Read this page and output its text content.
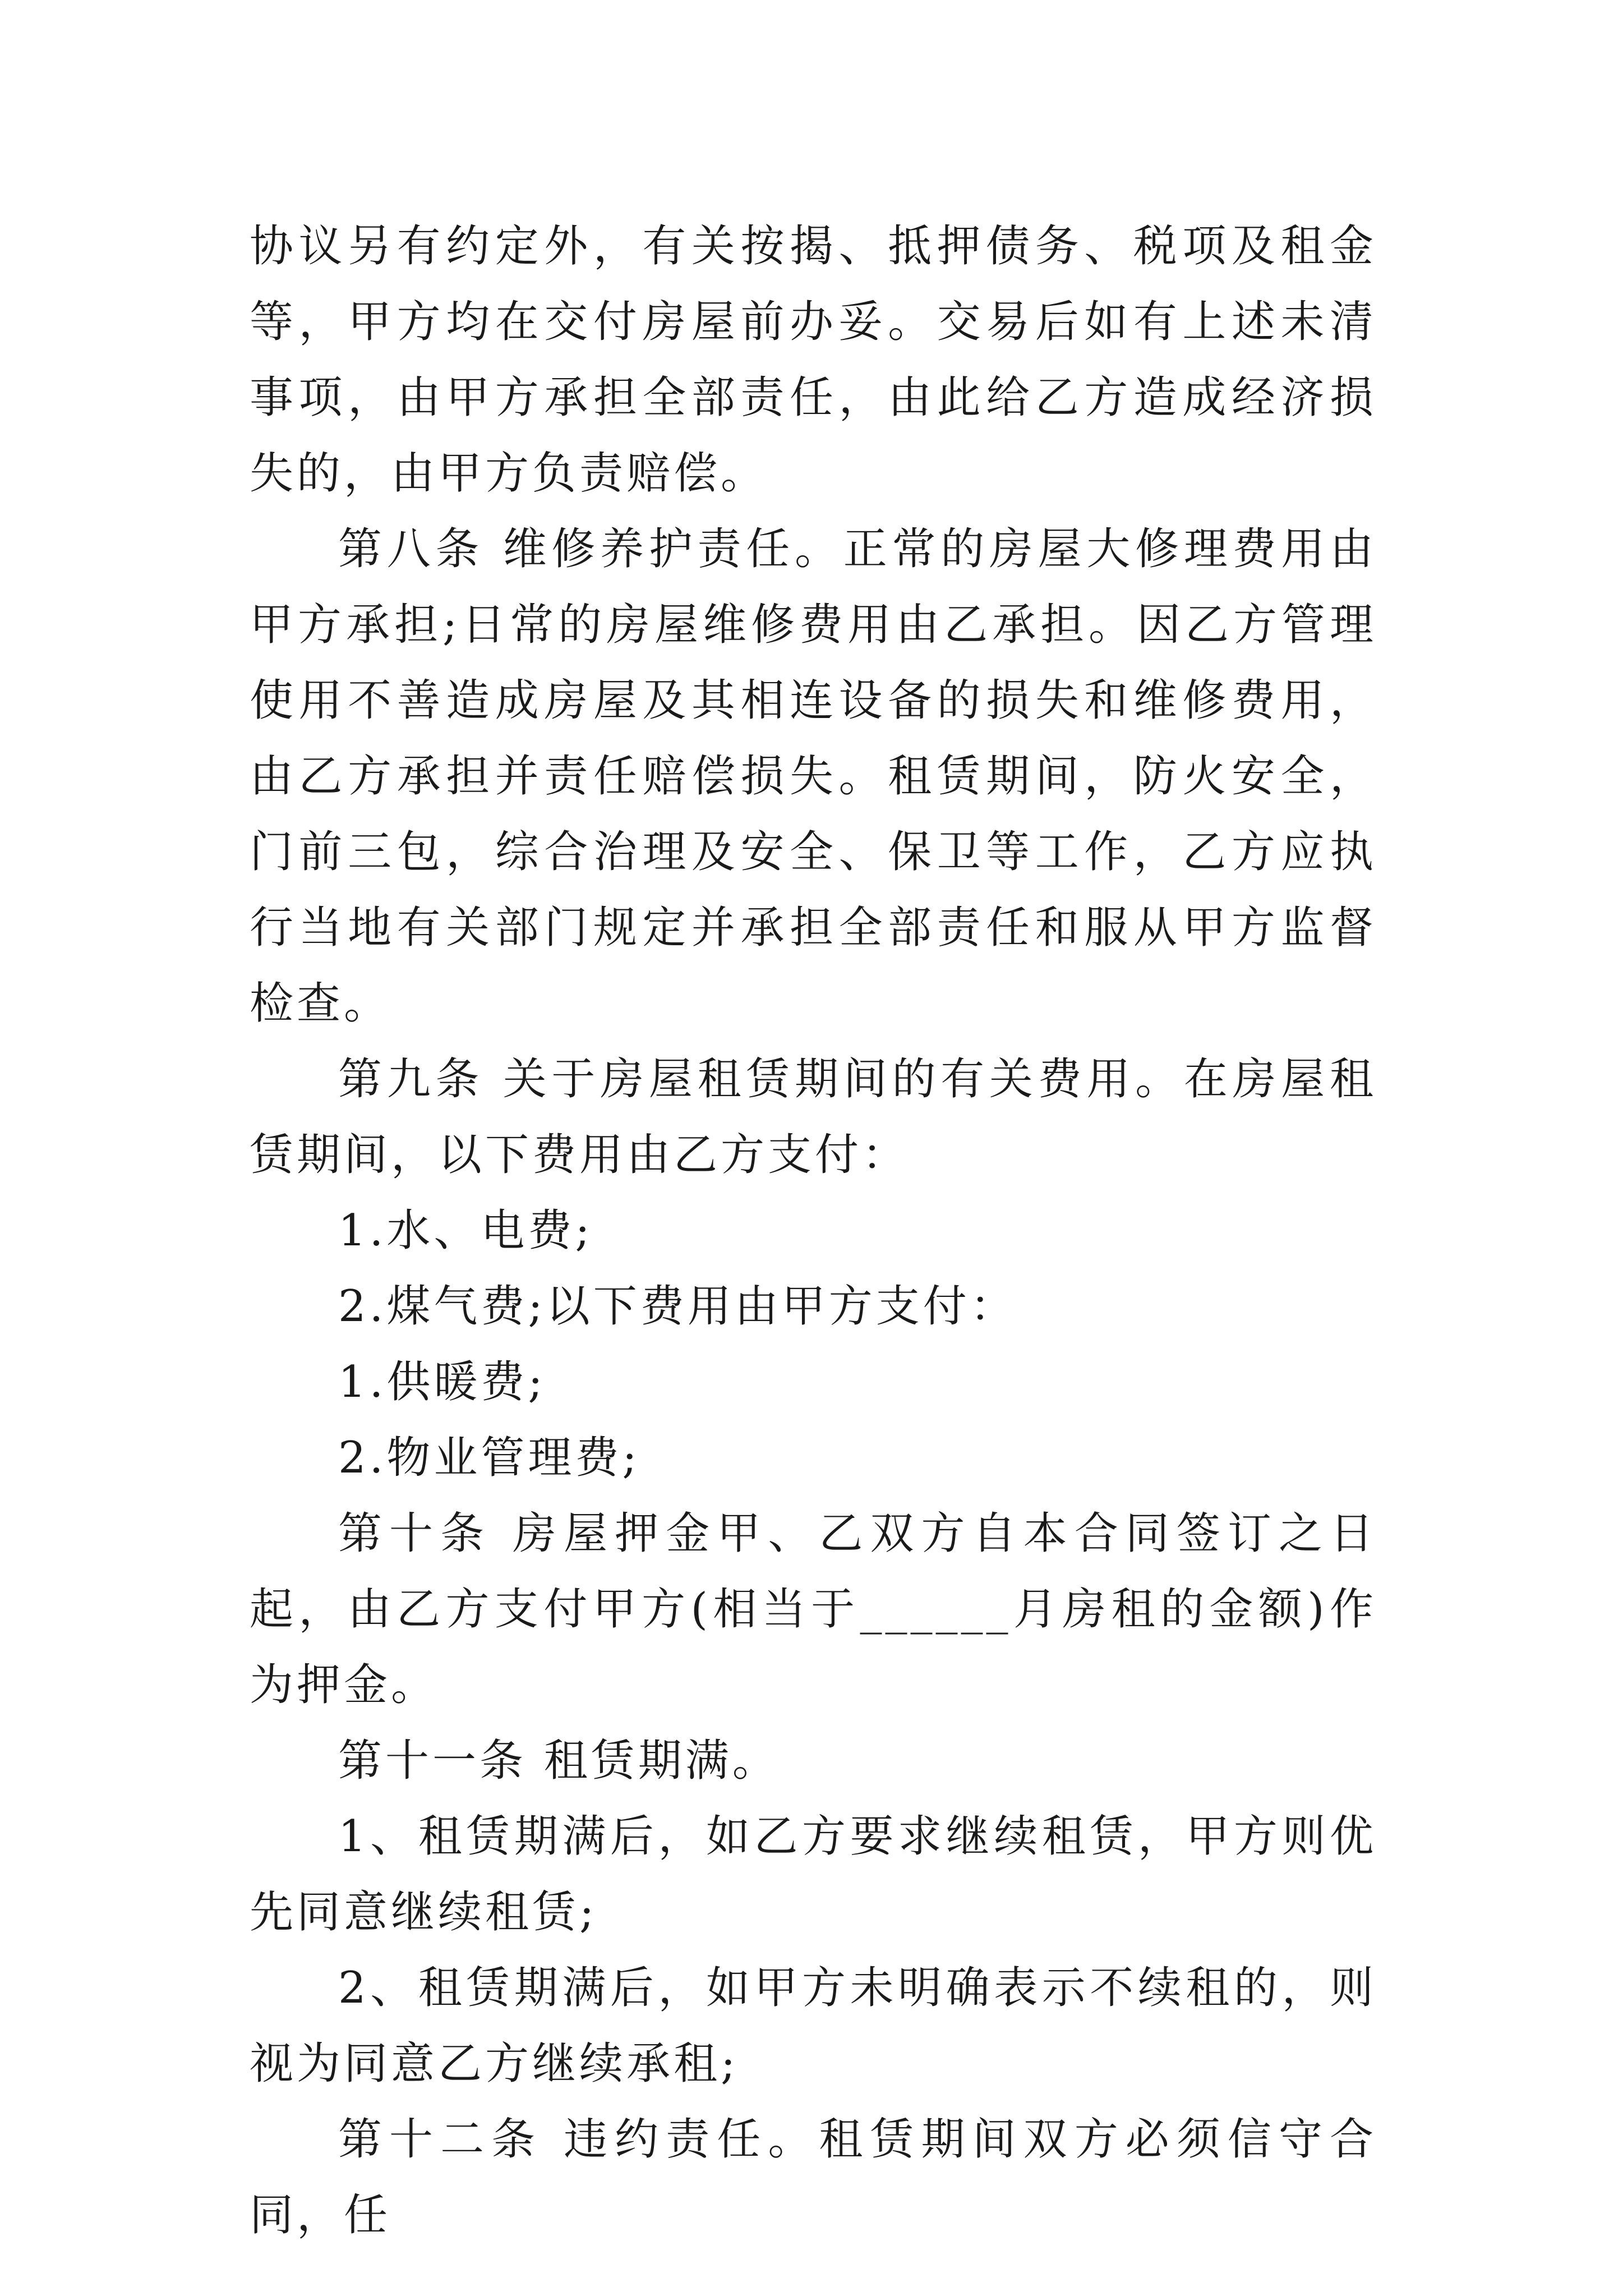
协议另有约定外，有关按揭、抵押债务、税项及租金等，甲方均在交付房屋前办妥。交易后如有上述未清事项，由甲方承担全部责任，由此给乙方造成经济损失的，由甲方负责赔偿。

第八条 维修养护责任。正常的房屋大修理费用由甲方承担;日常的房屋维修费用由乙承担。因乙方管理使用不善造成房屋及其相连设备的损失和维修费用，由乙方承担并责任赔偿损失。租赁期间，防火安全，门前三包，综合治理及安全、保卫等工作，乙方应执行当地有关部门规定并承担全部责任和服从甲方监督检查。

第九条 关于房屋租赁期间的有关费用。在房屋租赁期间，以下费用由乙方支付：

1.水、电费;

2.煤气费;以下费用由甲方支付：

1.供暖费;

2.物业管理费;

第十条 房屋押金甲、乙双方自本合同签订之日起，由乙方支付甲方(相当于______月房租的金额)作为押金。

第十一条 租赁期满。

1、租赁期满后，如乙方要求继续租赁，甲方则优先同意继续租赁;

2、租赁期满后，如甲方未明确表示不续租的，则视为同意乙方继续承租;

第十二条 违约责任。租赁期间双方必须信守合同，任
